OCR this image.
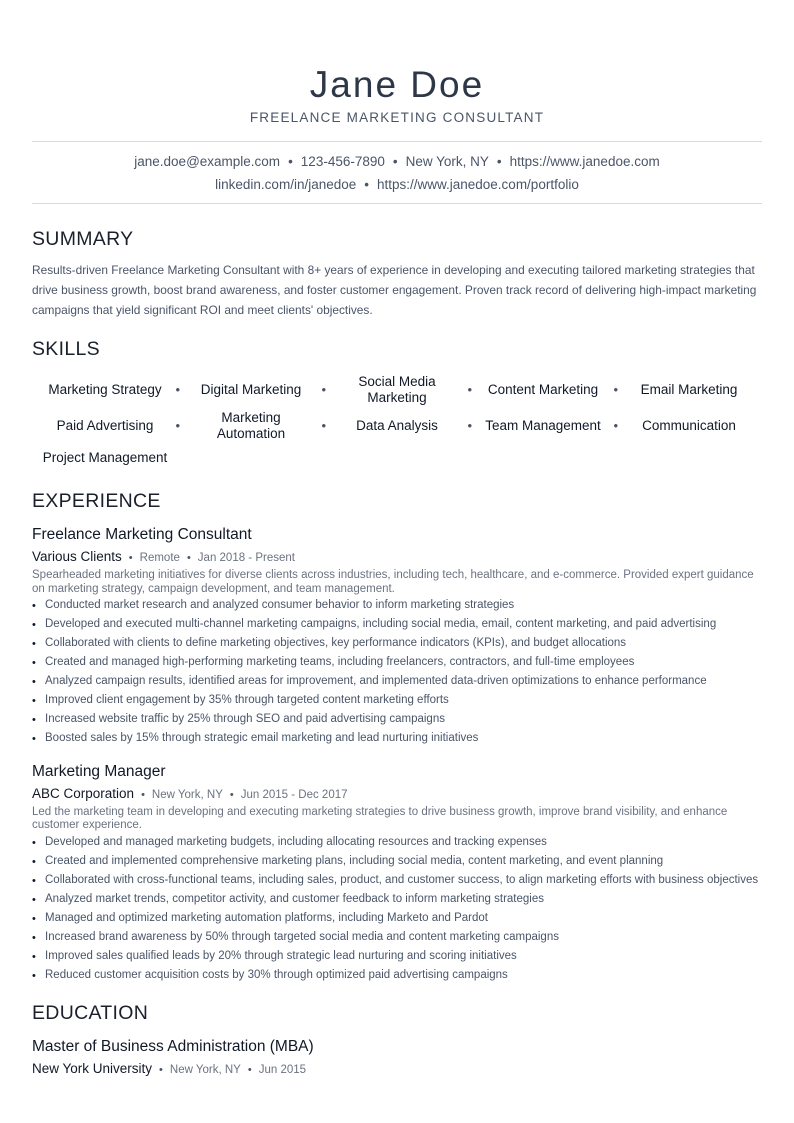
Jane Doe
FREELANCE MARKETING CONSULTANT
jane.doe@example.com • 123-456-7890 • New York, NY • https://www.janedoe.com
linkedin.com/in/janedoe • https://www.janedoe.com/portfolio
SUMMARY
Results-driven Freelance Marketing Consultant with 8+ years of experience in developing and executing tailored marketing strategies that drive business growth, boost brand awareness, and foster customer engagement. Proven track record of delivering high-impact marketing campaigns that yield significant ROI and meet clients' objectives.
SKILLS
Marketing Strategy • Digital Marketing •
Social Media Marketing
• Content Marketing • Email Marketing
Paid Advertising •
Marketing Automation
• Data Analysis • Team Management • Communication
Project Management
EXPERIENCE
Freelance Marketing Consultant
Various Clients • Remote • Jan 2018 - Present
Spearheaded marketing initiatives for diverse clients across industries, including tech, healthcare, and e-commerce. Provided expert guidance on marketing strategy, campaign development, and team management.
• Conducted market research and analyzed consumer behavior to inform marketing strategies
• Developed and executed multi-channel marketing campaigns, including social media, email, content marketing, and paid advertising
• Collaborated with clients to define marketing objectives, key performance indicators (KPIs), and budget allocations
• Created and managed high-performing marketing teams, including freelancers, contractors, and full-time employees
• Analyzed campaign results, identified areas for improvement, and implemented data-driven optimizations to enhance performance
• Improved client engagement by 35% through targeted content marketing efforts
• Increased website traffic by 25% through SEO and paid advertising campaigns
• Boosted sales by 15% through strategic email marketing and lead nurturing initiatives
Marketing Manager
ABC Corporation • New York, NY • Jun 2015 - Dec 2017
Led the marketing team in developing and executing marketing strategies to drive business growth, improve brand visibility, and enhance customer experience.
• Developed and managed marketing budgets, including allocating resources and tracking expenses
• Created and implemented comprehensive marketing plans, including social media, content marketing, and event planning
• Collaborated with cross-functional teams, including sales, product, and customer success, to align marketing efforts with business objectives
• Analyzed market trends, competitor activity, and customer feedback to inform marketing strategies
• Managed and optimized marketing automation platforms, including Marketo and Pardot
• Increased brand awareness by 50% through targeted social media and content marketing campaigns
• Improved sales qualified leads by 20% through strategic lead nurturing and scoring initiatives
• Reduced customer acquisition costs by 30% through optimized paid advertising campaigns
EDUCATION
Master of Business Administration (MBA)
New York University • New York, NY • Jun 2015
